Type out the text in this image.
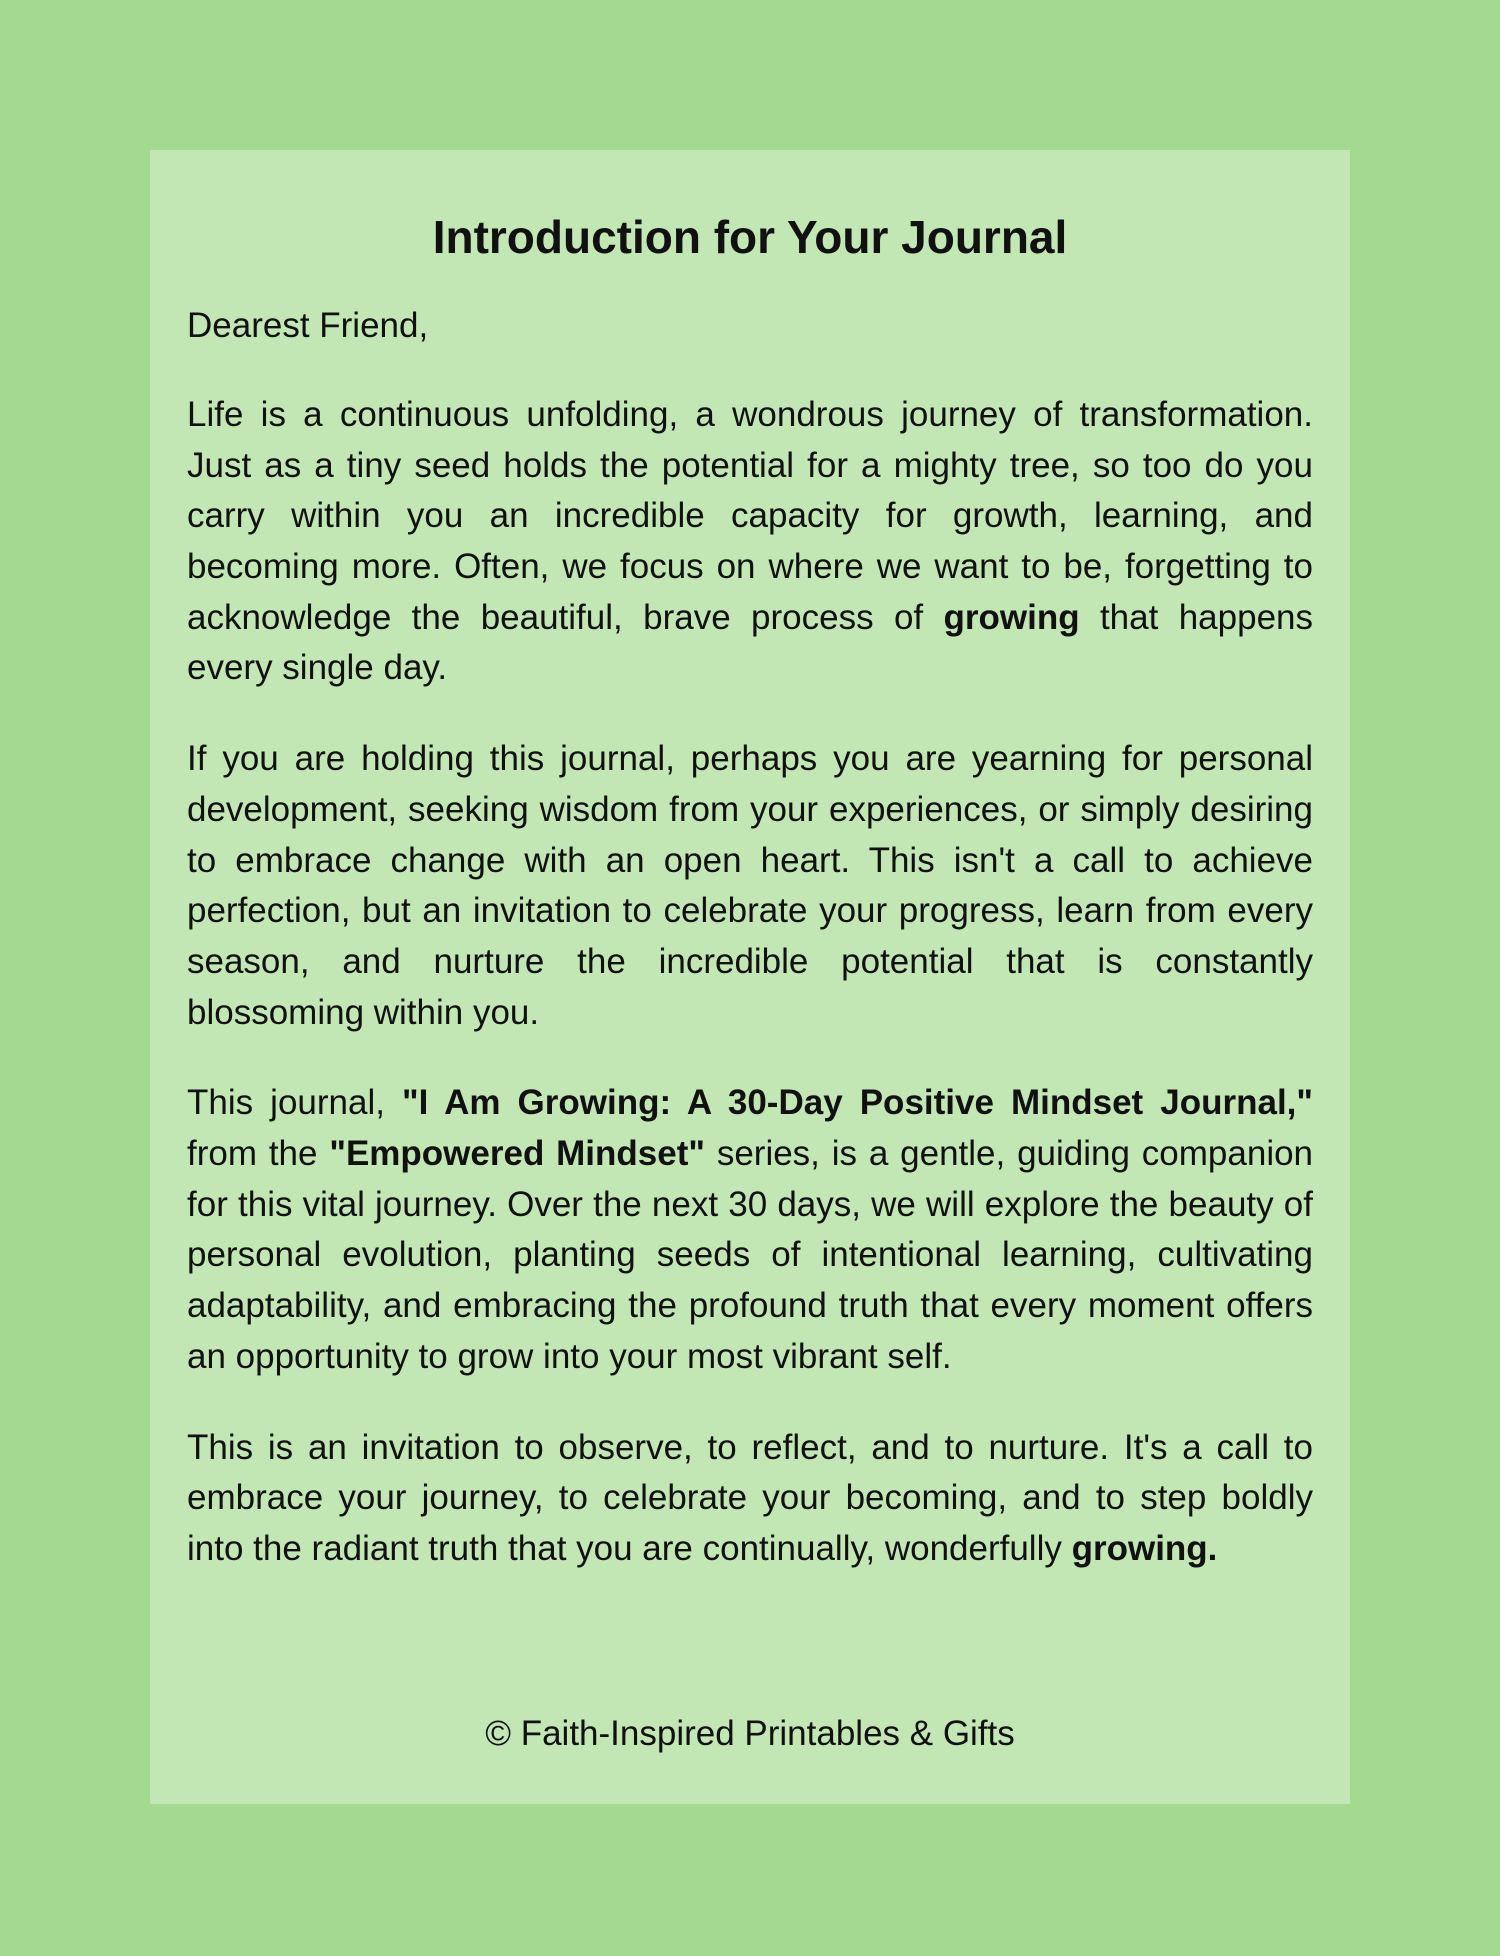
Introduction for Your Journal

Dearest Friend,

Life is a continuous unfolding, a wondrous journey of transformation. Just as a tiny seed holds the potential for a mighty tree, so too do you carry within you an incredible capacity for growth, learning, and becoming more. Often, we focus on where we want to be, forgetting to acknowledge the beautiful, brave process of growing that happens every single day.

If you are holding this journal, perhaps you are yearning for personal development, seeking wisdom from your experiences, or simply desiring to embrace change with an open heart. This isn't a call to achieve perfection, but an invitation to celebrate your progress, learn from every season, and nurture the incredible potential that is constantly blossoming within you.

This journal, "I Am Growing: A 30-Day Positive Mindset Journal," from the "Empowered Mindset" series, is a gentle, guiding companion for this vital journey. Over the next 30 days, we will explore the beauty of personal evolution, planting seeds of intentional learning, cultivating adaptability, and embracing the profound truth that every moment offers an opportunity to grow into your most vibrant self.

This is an invitation to observe, to reflect, and to nurture. It's a call to embrace your journey, to celebrate your becoming, and to step boldly into the radiant truth that you are continually, wonderfully growing.

© Faith-Inspired Printables & Gifts
